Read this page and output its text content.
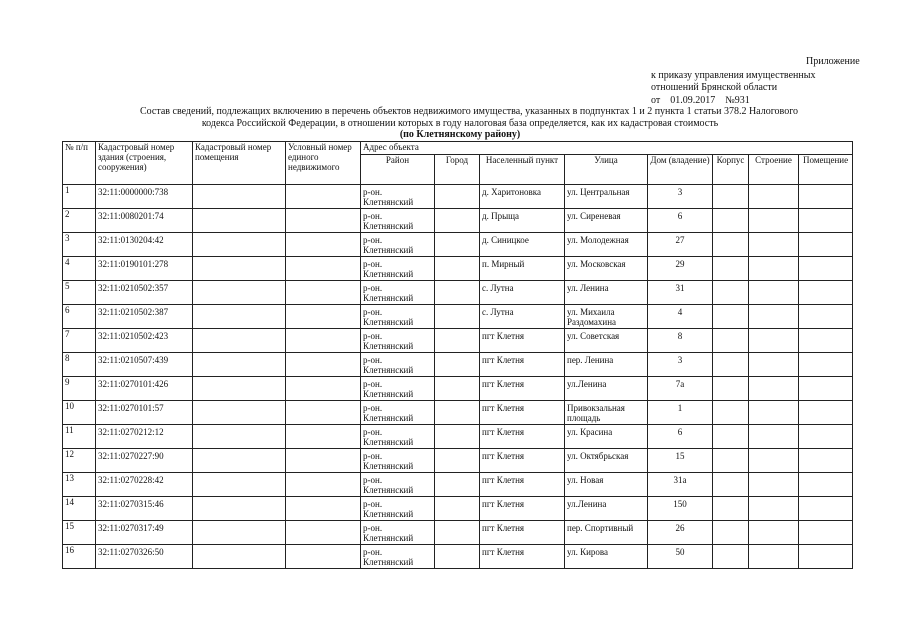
Приложение
к приказу управления имущественных
отношений Брянской области
от    01.09.2017    №931
Состав сведений, подлежащих включению в перечень объектов недвижимого имущества, указанных в подпунктах 1 и 2 пункта 1 статьи 378.2 Налогового
кодекса Российской Федерации, в отношении которых в году налоговая база определяется, как их кадастровая стоимость
(по Клетнянскому району)
№ п/п	Кадастровый номер здания (строения, сооружения)	Кадастровый номер помещения	Условный номер единого недвижимого	Адрес объекта							
				Район	Город	Населенный пункт	Улица	Дом (владение)	Корпус	Строение	Помещение
1	32:11:0000000:738			р-он. Клетнянский		д. Харитоновка	ул. Центральная	3			
2	32:11:0080201:74			р-он. Клетнянский		д. Прыща	ул. Сиреневая	6			
3	32:11:0130204:42			р-он. Клетнянский		д. Синицкое	ул. Молодежная	27			
4	32:11:0190101:278			р-он. Клетнянский		п. Мирный	ул. Московская	29			
5	32:11:0210502:357			р-он. Клетнянский		с. Лутна	ул. Ленина	31			
6	32:11:0210502:387			р-он. Клетнянский		с. Лутна	ул. Михаила Раздомахина	4			
7	32:11:0210502:423			р-он. Клетнянский		пгт Клетня	ул. Советская	8			
8	32:11:0210507:439			р-он. Клетнянский		пгт Клетня	пер. Ленина	3			
9	32:11:0270101:426			р-он. Клетнянский		пгт Клетня	ул.Ленина	7а			
10	32:11:0270101:57			р-он. Клетнянский		пгт Клетня	Привокзальная площадь	1			
11	32:11:0270212:12			р-он. Клетнянский		пгт Клетня	ул. Красина	6			
12	32:11:0270227:90			р-он. Клетнянский		пгт Клетня	ул. Октябрьская	15			
13	32:11:0270228:42			р-он. Клетнянский		пгт Клетня	ул. Новая	31а			
14	32:11:0270315:46			р-он. Клетнянский		пгт Клетня	ул.Ленина	150			
15	32:11:0270317:49			р-он. Клетнянский		пгт Клетня	пер. Спортивный	26			
16	32:11:0270326:50			р-он. Клетнянский		пгт Клетня	ул. Кирова	50			
